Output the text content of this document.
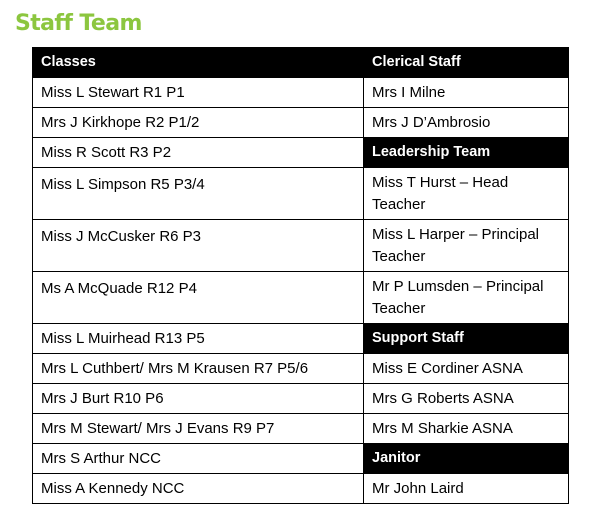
Staff Team
Classes	Clerical Staff
Miss L Stewart R1 P1	Mrs I Milne
Mrs J Kirkhope R2 P1/2	Mrs J D’Ambrosio
Miss R Scott R3 P2	Leadership Team
Miss L Simpson R5 P3/4	Miss T Hurst – Head Teacher
Miss J McCusker R6 P3	Miss L Harper – Principal Teacher
Ms A McQuade R12 P4	Mr P Lumsden – Principal Teacher
Miss L Muirhead R13 P5	Support Staff
Mrs L Cuthbert/ Mrs M Krausen R7 P5/6	Miss E Cordiner ASNA
Mrs J Burt R10 P6	Mrs G Roberts ASNA
Mrs M Stewart/ Mrs J Evans R9 P7	Mrs M Sharkie ASNA
Mrs S Arthur NCC	Janitor
Miss A Kennedy NCC	Mr John Laird
